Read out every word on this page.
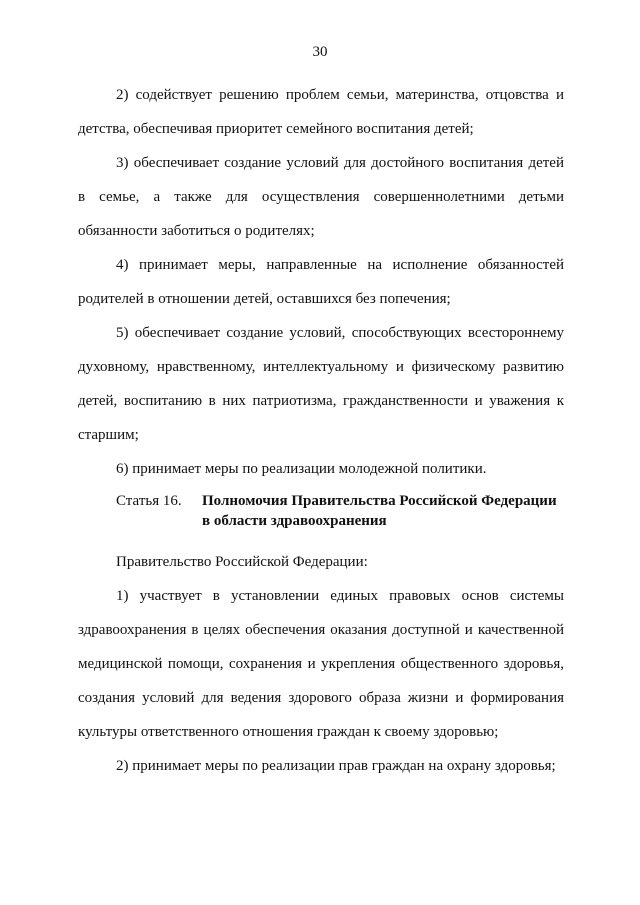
30

2) содействует решению проблем семьи, материнства, отцовства и детства, обеспечивая приоритет семейного воспитания детей;

3) обеспечивает создание условий для достойного воспитания детей в семье, а также для осуществления совершеннолетними детьми обязанности заботиться о родителях;

4) принимает меры, направленные на исполнение обязанностей родителей в отношении детей, оставшихся без попечения;

5) обеспечивает создание условий, способствующих всестороннему духовному, нравственному, интеллектуальному и физическому развитию детей, воспитанию в них патриотизма, гражданственности и уважения к старшим;

6) принимает меры по реализации молодежной политики.

Статья 16.	Полномочия Правительства Российской Федерации
в области здравоохранения

Правительство Российской Федерации:

1) участвует в установлении единых правовых основ системы здравоохранения в целях обеспечения оказания доступной и качественной медицинской помощи, сохранения и укрепления общественного здоровья, создания условий для ведения здорового образа жизни и формирования культуры ответственного отношения граждан к своему здоровью;

2) принимает меры по реализации прав граждан на охрану здоровья;
